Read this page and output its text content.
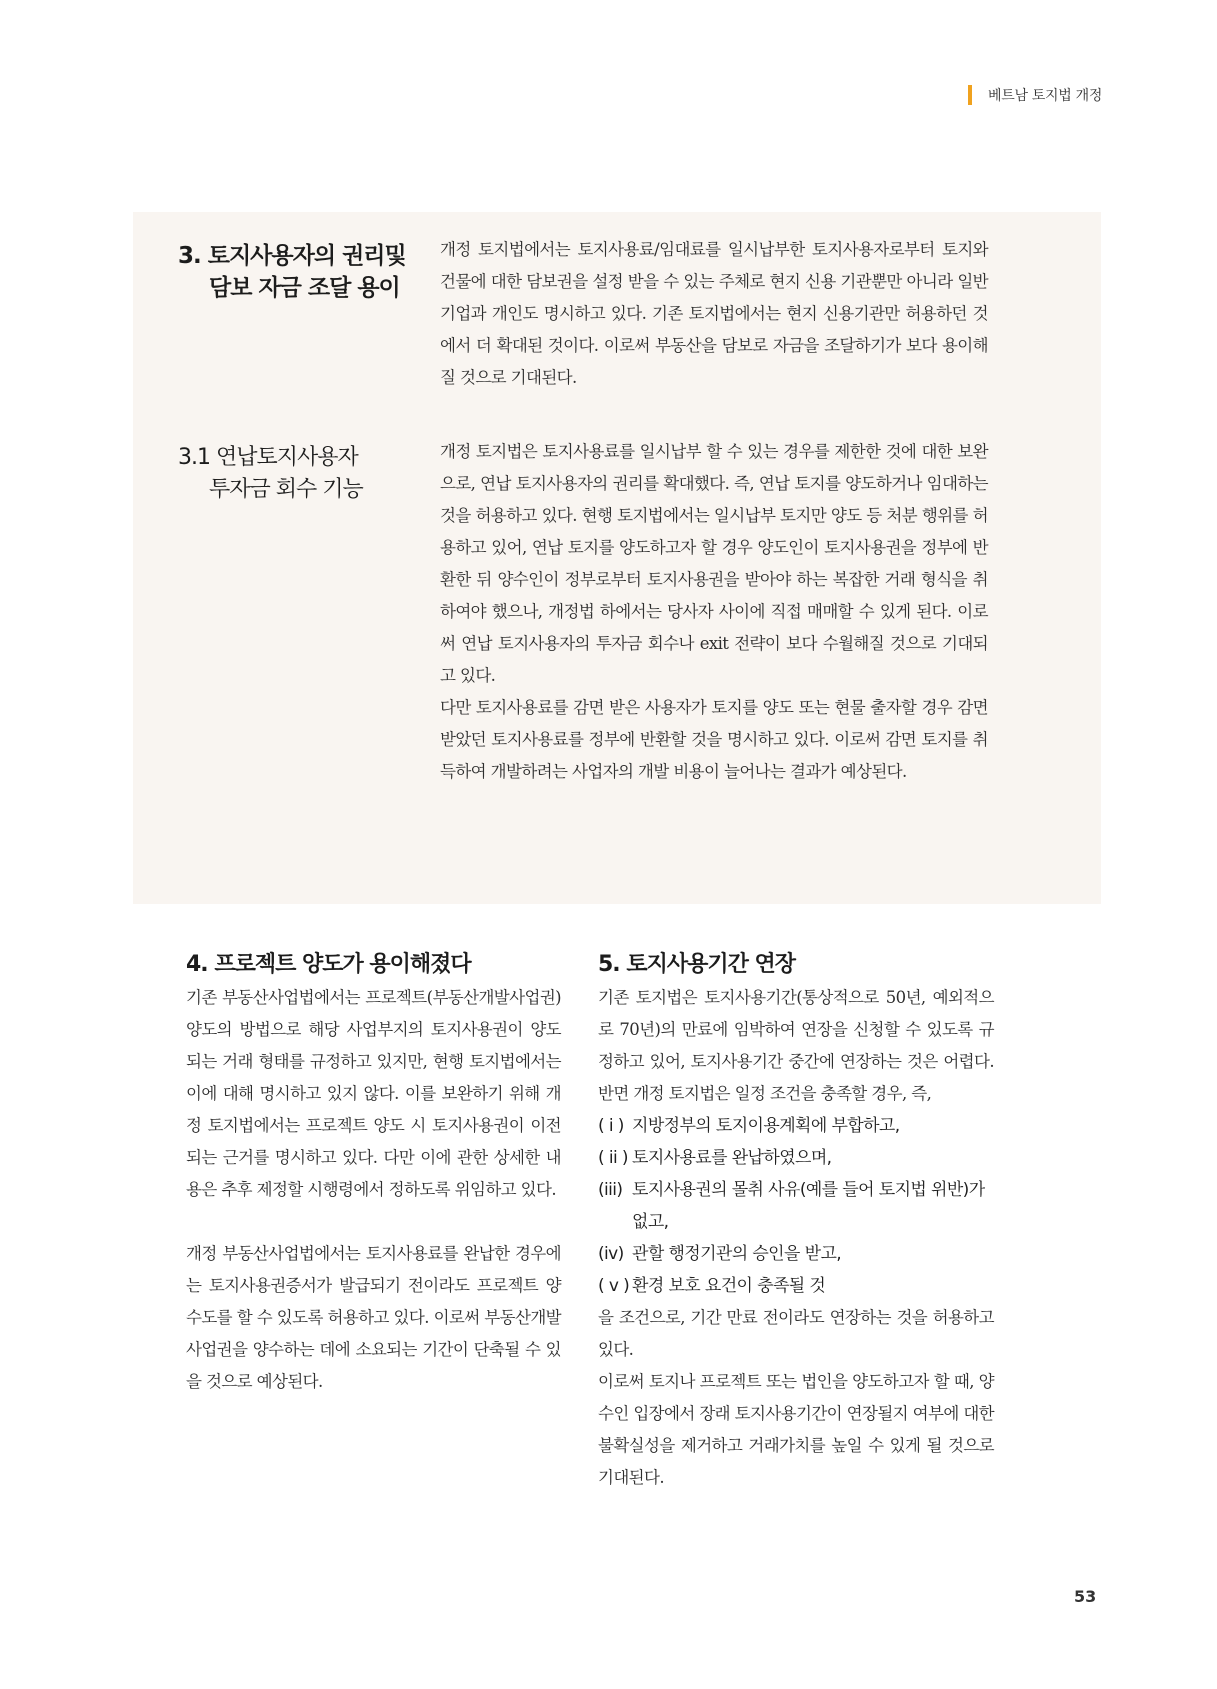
베트남 토지법 개정
3. 토지사용자의 권리및
담보 자금 조달 용이

개정 토지법에서는 토지사용료/임대료를 일시납부한 토지사용자로부터 토지와 건물에 대한 담보권을 설정 받을 수 있는 주체로 현지 신용 기관뿐만 아니라 일반 기업과 개인도 명시하고 있다. 기존 토지법에서는 현지 신용기관만 허용하던 것에서 더 확대된 것이다. 이로써 부동산을 담보로 자금을 조달하기가 보다 용이해질 것으로 기대된다.

3.1 연납토지사용자
투자금 회수 기능

개정 토지법은 토지사용료를 일시납부 할 수 있는 경우를 제한한 것에 대한 보완으로, 연납 토지사용자의 권리를 확대했다. 즉, 연납 토지를 양도하거나 임대하는 것을 허용하고 있다. 현행 토지법에서는 일시납부 토지만 양도 등 처분 행위를 허용하고 있어, 연납 토지를 양도하고자 할 경우 양도인이 토지사용권을 정부에 반환한 뒤 양수인이 정부로부터 토지사용권을 받아야 하는 복잡한 거래 형식을 취하여야 했으나, 개정법 하에서는 당사자 사이에 직접 매매할 수 있게 된다. 이로써 연납 토지사용자의 투자금 회수나 exit 전략이 보다 수월해질 것으로 기대되고 있다.

다만 토지사용료를 감면 받은 사용자가 토지를 양도 또는 현물 출자할 경우 감면 받았던 토지사용료를 정부에 반환할 것을 명시하고 있다. 이로써 감면 토지를 취득하여 개발하려는 사업자의 개발 비용이 늘어나는 결과가 예상된다.

4. 프로젝트 양도가 용이해졌다

기존 부동산사업법에서는 프로젝트(부동산개발사업권) 양도의 방법으로 해당 사업부지의 토지사용권이 양도되는 거래 형태를 규정하고 있지만, 현행 토지법에서는 이에 대해 명시하고 있지 않다. 이를 보완하기 위해 개정 토지법에서는 프로젝트 양도 시 토지사용권이 이전되는 근거를 명시하고 있다. 다만 이에 관한 상세한 내용은 추후 제정할 시행령에서 정하도록 위임하고 있다.

개정 부동산사업법에서는 토지사용료를 완납한 경우에는 토지사용권증서가 발급되기 전이라도 프로젝트 양수도를 할 수 있도록 허용하고 있다. 이로써 부동산개발사업권을 양수하는 데에 소요되는 기간이 단축될 수 있을 것으로 예상된다.

5. 토지사용기간 연장

기존 토지법은 토지사용기간(통상적으로 50년, 예외적으로 70년)의 만료에 임박하여 연장을 신청할 수 있도록 규정하고 있어, 토지사용기간 중간에 연장하는 것은 어렵다. 반면 개정 토지법은 일정 조건을 충족할 경우, 즉,

( i ) 지방정부의 토지이용계획에 부합하고,
( ii ) 토지사용료를 완납하였으며,
(iii) 토지사용권의 몰취 사유(예를 들어 토지법 위반)가 없고,
(iv) 관할 행정기관의 승인을 받고,
( v ) 환경 보호 요건이 충족될 것

을 조건으로, 기간 만료 전이라도 연장하는 것을 허용하고 있다.

이로써 토지나 프로젝트 또는 법인을 양도하고자 할 때, 양수인 입장에서 장래 토지사용기간이 연장될지 여부에 대한 불확실성을 제거하고 거래가치를 높일 수 있게 될 것으로 기대된다.

53
